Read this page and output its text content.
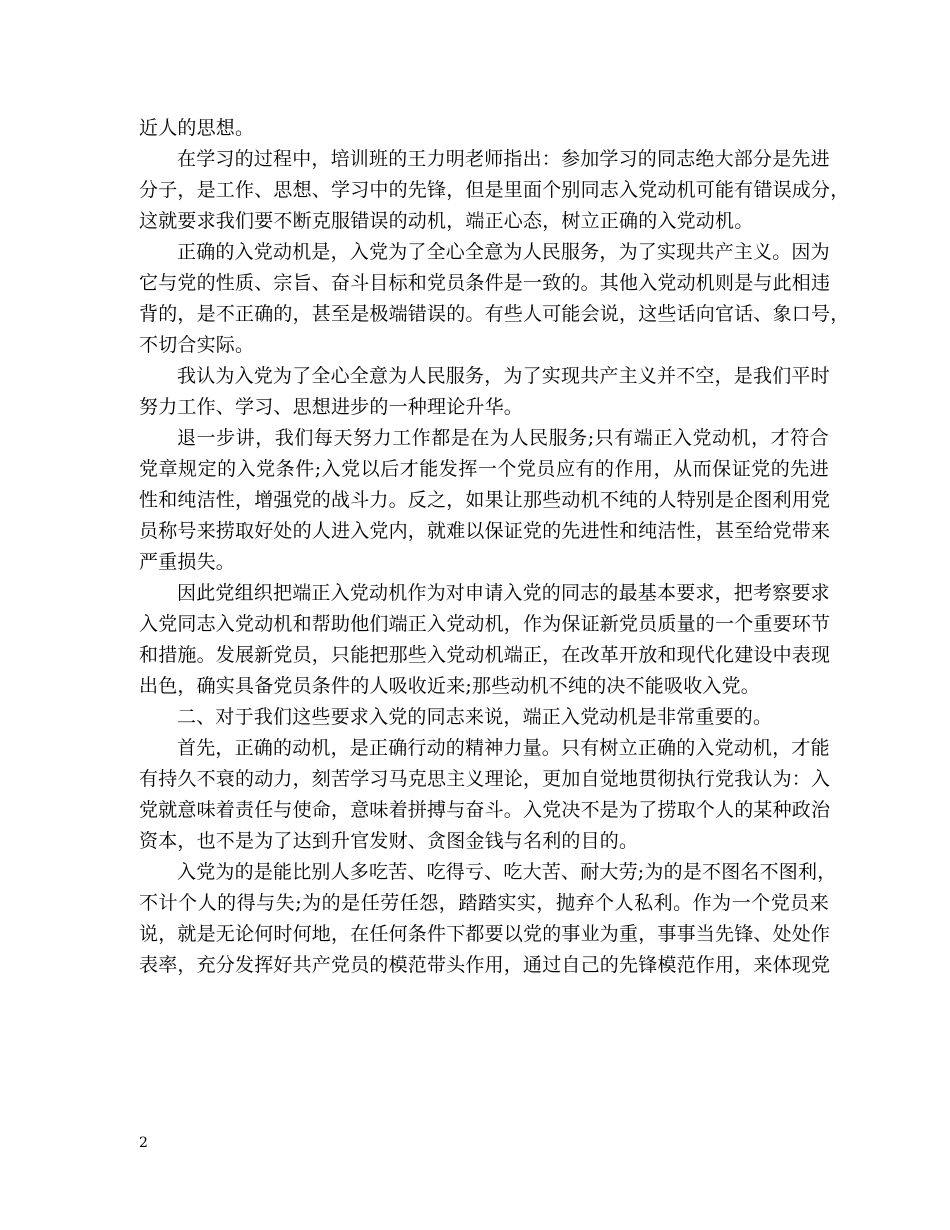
近人的思想。
在学习的过程中，培训班的王力明老师指出：参加学习的同志绝大部分是先进
分子，是工作、思想、学习中的先锋，但是里面个别同志入党动机可能有错误成分，
这就要求我们要不断克服错误的动机，端正心态，树立正确的入党动机。
正确的入党动机是，入党为了全心全意为人民服务，为了实现共产主义。因为
它与党的性质、宗旨、奋斗目标和党员条件是一致的。其他入党动机则是与此相违
背的，是不正确的，甚至是极端错误的。有些人可能会说，这些话向官话、象口号，
不切合实际。
我认为入党为了全心全意为人民服务，为了实现共产主义并不空，是我们平时
努力工作、学习、思想进步的一种理论升华。
退一步讲，我们每天努力工作都是在为人民服务;只有端正入党动机，才符合
党章规定的入党条件;入党以后才能发挥一个党员应有的作用，从而保证党的先进
性和纯洁性，增强党的战斗力。反之，如果让那些动机不纯的人特别是企图利用党
员称号来捞取好处的人进入党内，就难以保证党的先进性和纯洁性，甚至给党带来
严重损失。
因此党组织把端正入党动机作为对申请入党的同志的最基本要求，把考察要求
入党同志入党动机和帮助他们端正入党动机，作为保证新党员质量的一个重要环节
和措施。发展新党员，只能把那些入党动机端正，在改革开放和现代化建设中表现
出色，确实具备党员条件的人吸收近来;那些动机不纯的决不能吸收入党。
二、对于我们这些要求入党的同志来说，端正入党动机是非常重要的。
首先，正确的动机，是正确行动的精神力量。只有树立正确的入党动机，才能
有持久不衰的动力，刻苦学习马克思主义理论，更加自觉地贯彻执行党我认为：入
党就意味着责任与使命，意味着拼搏与奋斗。入党决不是为了捞取个人的某种政治
资本，也不是为了达到升官发财、贪图金钱与名利的目的。
入党为的是能比别人多吃苦、吃得亏、吃大苦、耐大劳;为的是不图名不图利，
不计个人的得与失;为的是任劳任怨，踏踏实实，抛弃个人私利。作为一个党员来
说，就是无论何时何地，在任何条件下都要以党的事业为重，事事当先锋、处处作
表率，充分发挥好共产党员的模范带头作用，通过自己的先锋模范作用，来体现党
2
